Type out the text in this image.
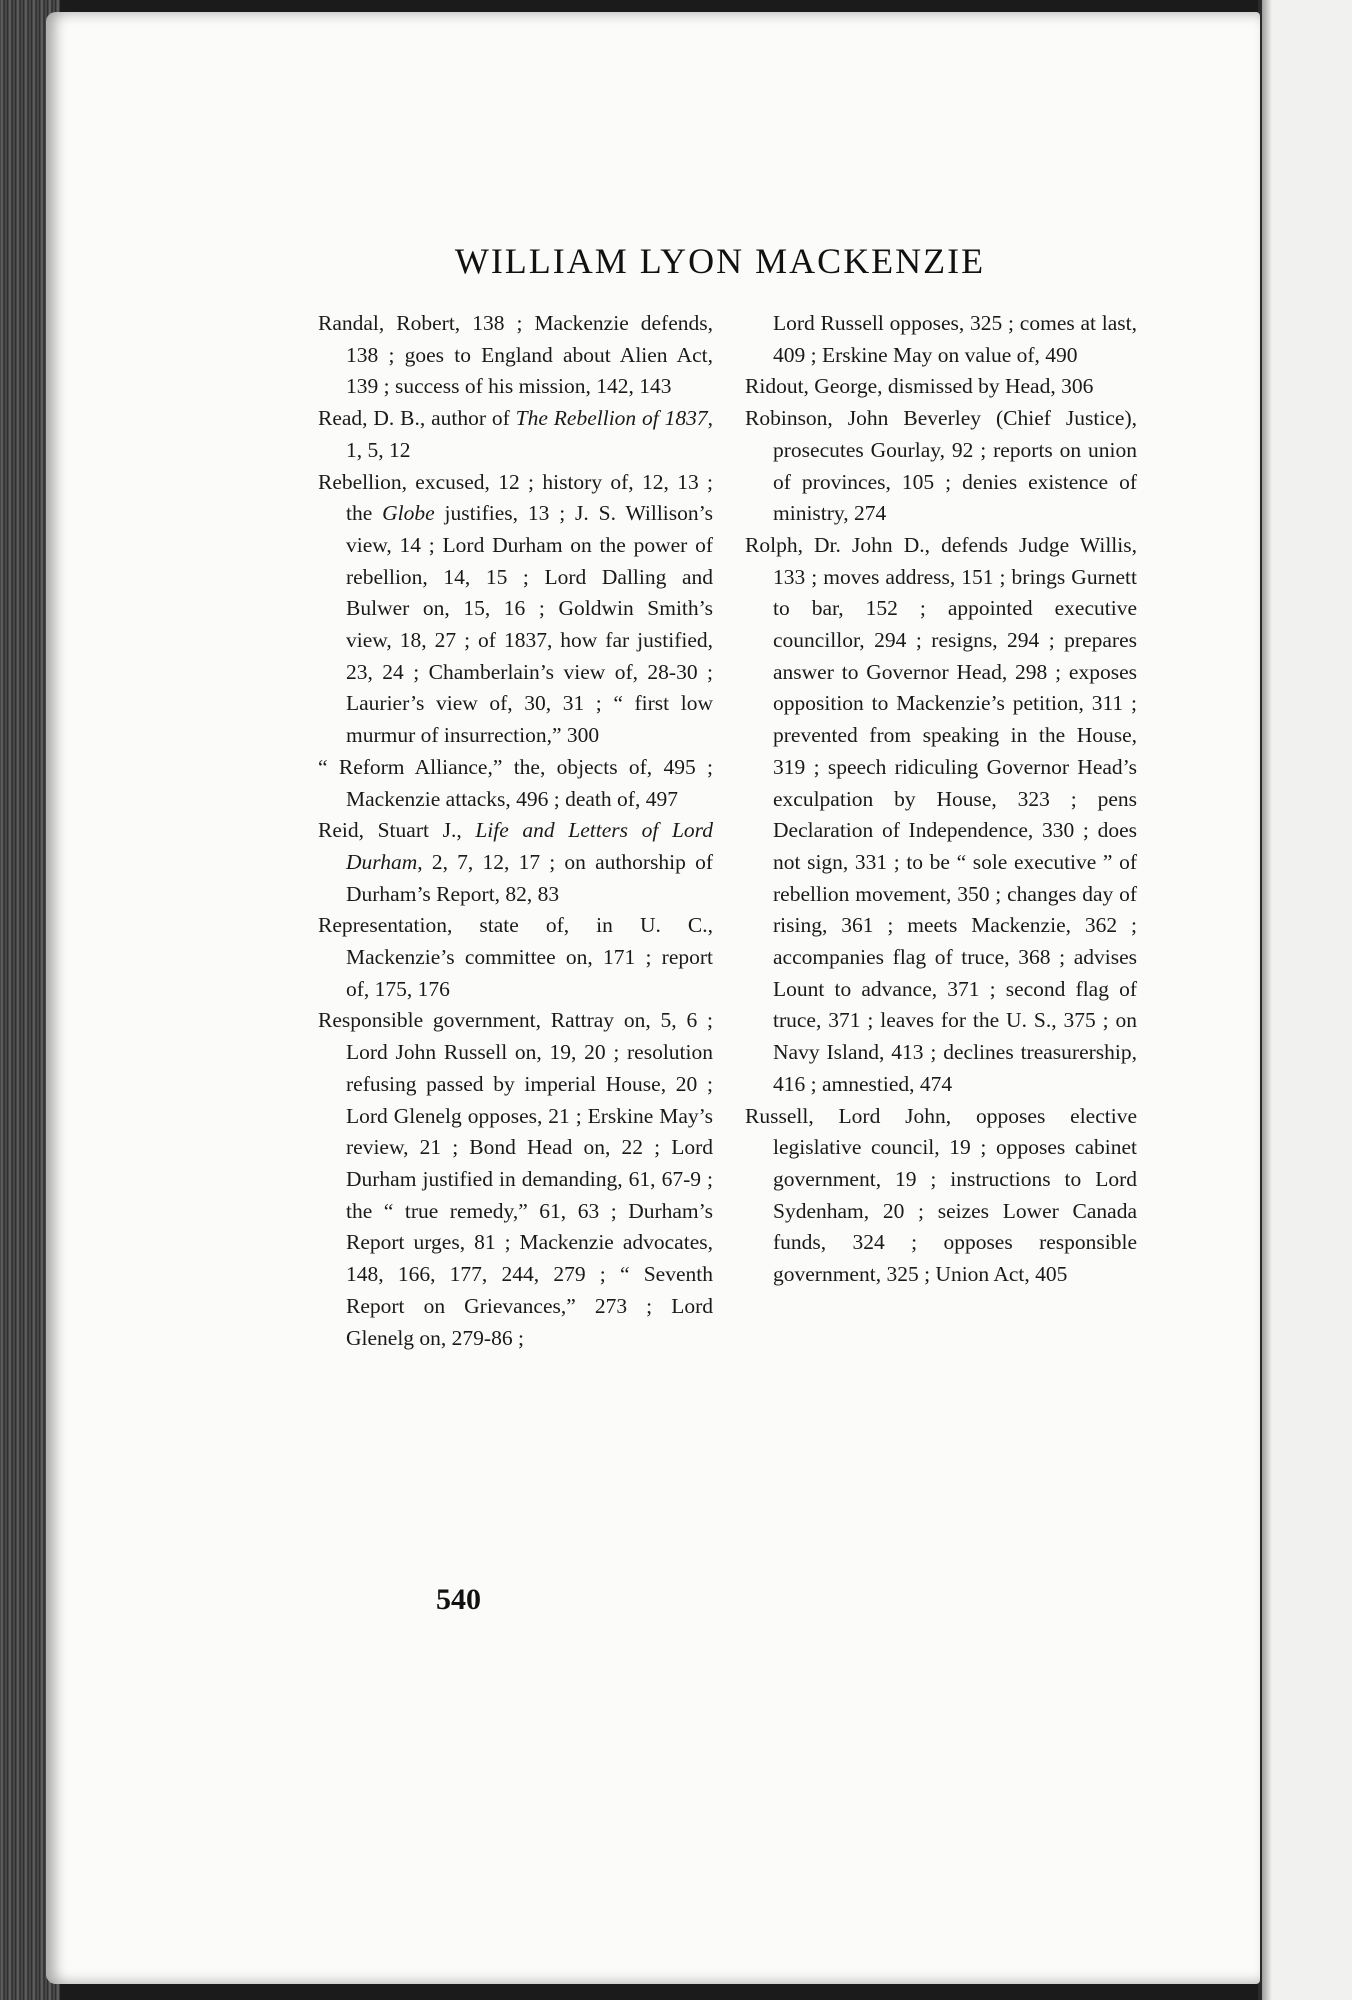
WILLIAM LYON MACKENZIE

Randal, Robert, 138 ; Mackenzie defends, 138 ; goes to England about Alien Act, 139 ; success of his mission, 142, 143

Read, D. B., author of The Rebellion of 1837, 1, 5, 12

Rebellion, excused, 12 ; history of, 12, 13 ; the Globe justifies, 13 ; J. S. Willison’s view, 14 ; Lord Durham on the power of rebellion, 14, 15 ; Lord Dalling and Bulwer on, 15, 16 ; Goldwin Smith’s view, 18, 27 ; of 1837, how far justified, 23, 24 ; Chamberlain’s view of, 28-30 ; Laurier’s view of, 30, 31 ; “ first low murmur of insurrection,” 300

“ Reform Alliance,” the, objects of, 495 ; Mackenzie attacks, 496 ; death of, 497

Reid, Stuart J., Life and Letters of Lord Durham, 2, 7, 12, 17 ; on authorship of Durham’s Report, 82, 83

Representation, state of, in U. C., Mackenzie’s committee on, 171 ; report of, 175, 176

Responsible government, Rattray on, 5, 6 ; Lord John Russell on, 19, 20 ; resolution refusing passed by imperial House, 20 ; Lord Glenelg opposes, 21 ; Erskine May’s review, 21 ; Bond Head on, 22 ; Lord Durham justified in demanding, 61, 67-9 ; the “ true remedy,” 61, 63 ; Durham’s Report urges, 81 ; Mackenzie advocates, 148, 166, 177, 244, 279 ; “ Seventh Report on Grievances,” 273 ; Lord Glenelg on, 279-86 ;

Lord Russell opposes, 325 ; comes at last, 409 ; Erskine May on value of, 490

Ridout, George, dismissed by Head, 306

Robinson, John Beverley (Chief Justice), prosecutes Gourlay, 92 ; reports on union of provinces, 105 ; denies existence of ministry, 274

Rolph, Dr. John D., defends Judge Willis, 133 ; moves address, 151 ; brings Gurnett to bar, 152 ; appointed executive councillor, 294 ; resigns, 294 ; prepares answer to Governor Head, 298 ; exposes opposition to Mackenzie’s petition, 311 ; prevented from speaking in the House, 319 ; speech ridiculing Governor Head’s exculpation by House, 323 ; pens Declaration of Independence, 330 ; does not sign, 331 ; to be “ sole executive ” of rebellion movement, 350 ; changes day of rising, 361 ; meets Mackenzie, 362 ; accompanies flag of truce, 368 ; advises Lount to advance, 371 ; second flag of truce, 371 ; leaves for the U. S., 375 ; on Navy Island, 413 ; declines treasurership, 416 ; amnestied, 474

Russell, Lord John, opposes elective legislative council, 19 ; opposes cabinet government, 19 ; instructions to Lord Sydenham, 20 ; seizes Lower Canada funds, 324 ; opposes responsible government, 325 ; Union Act, 405

540
